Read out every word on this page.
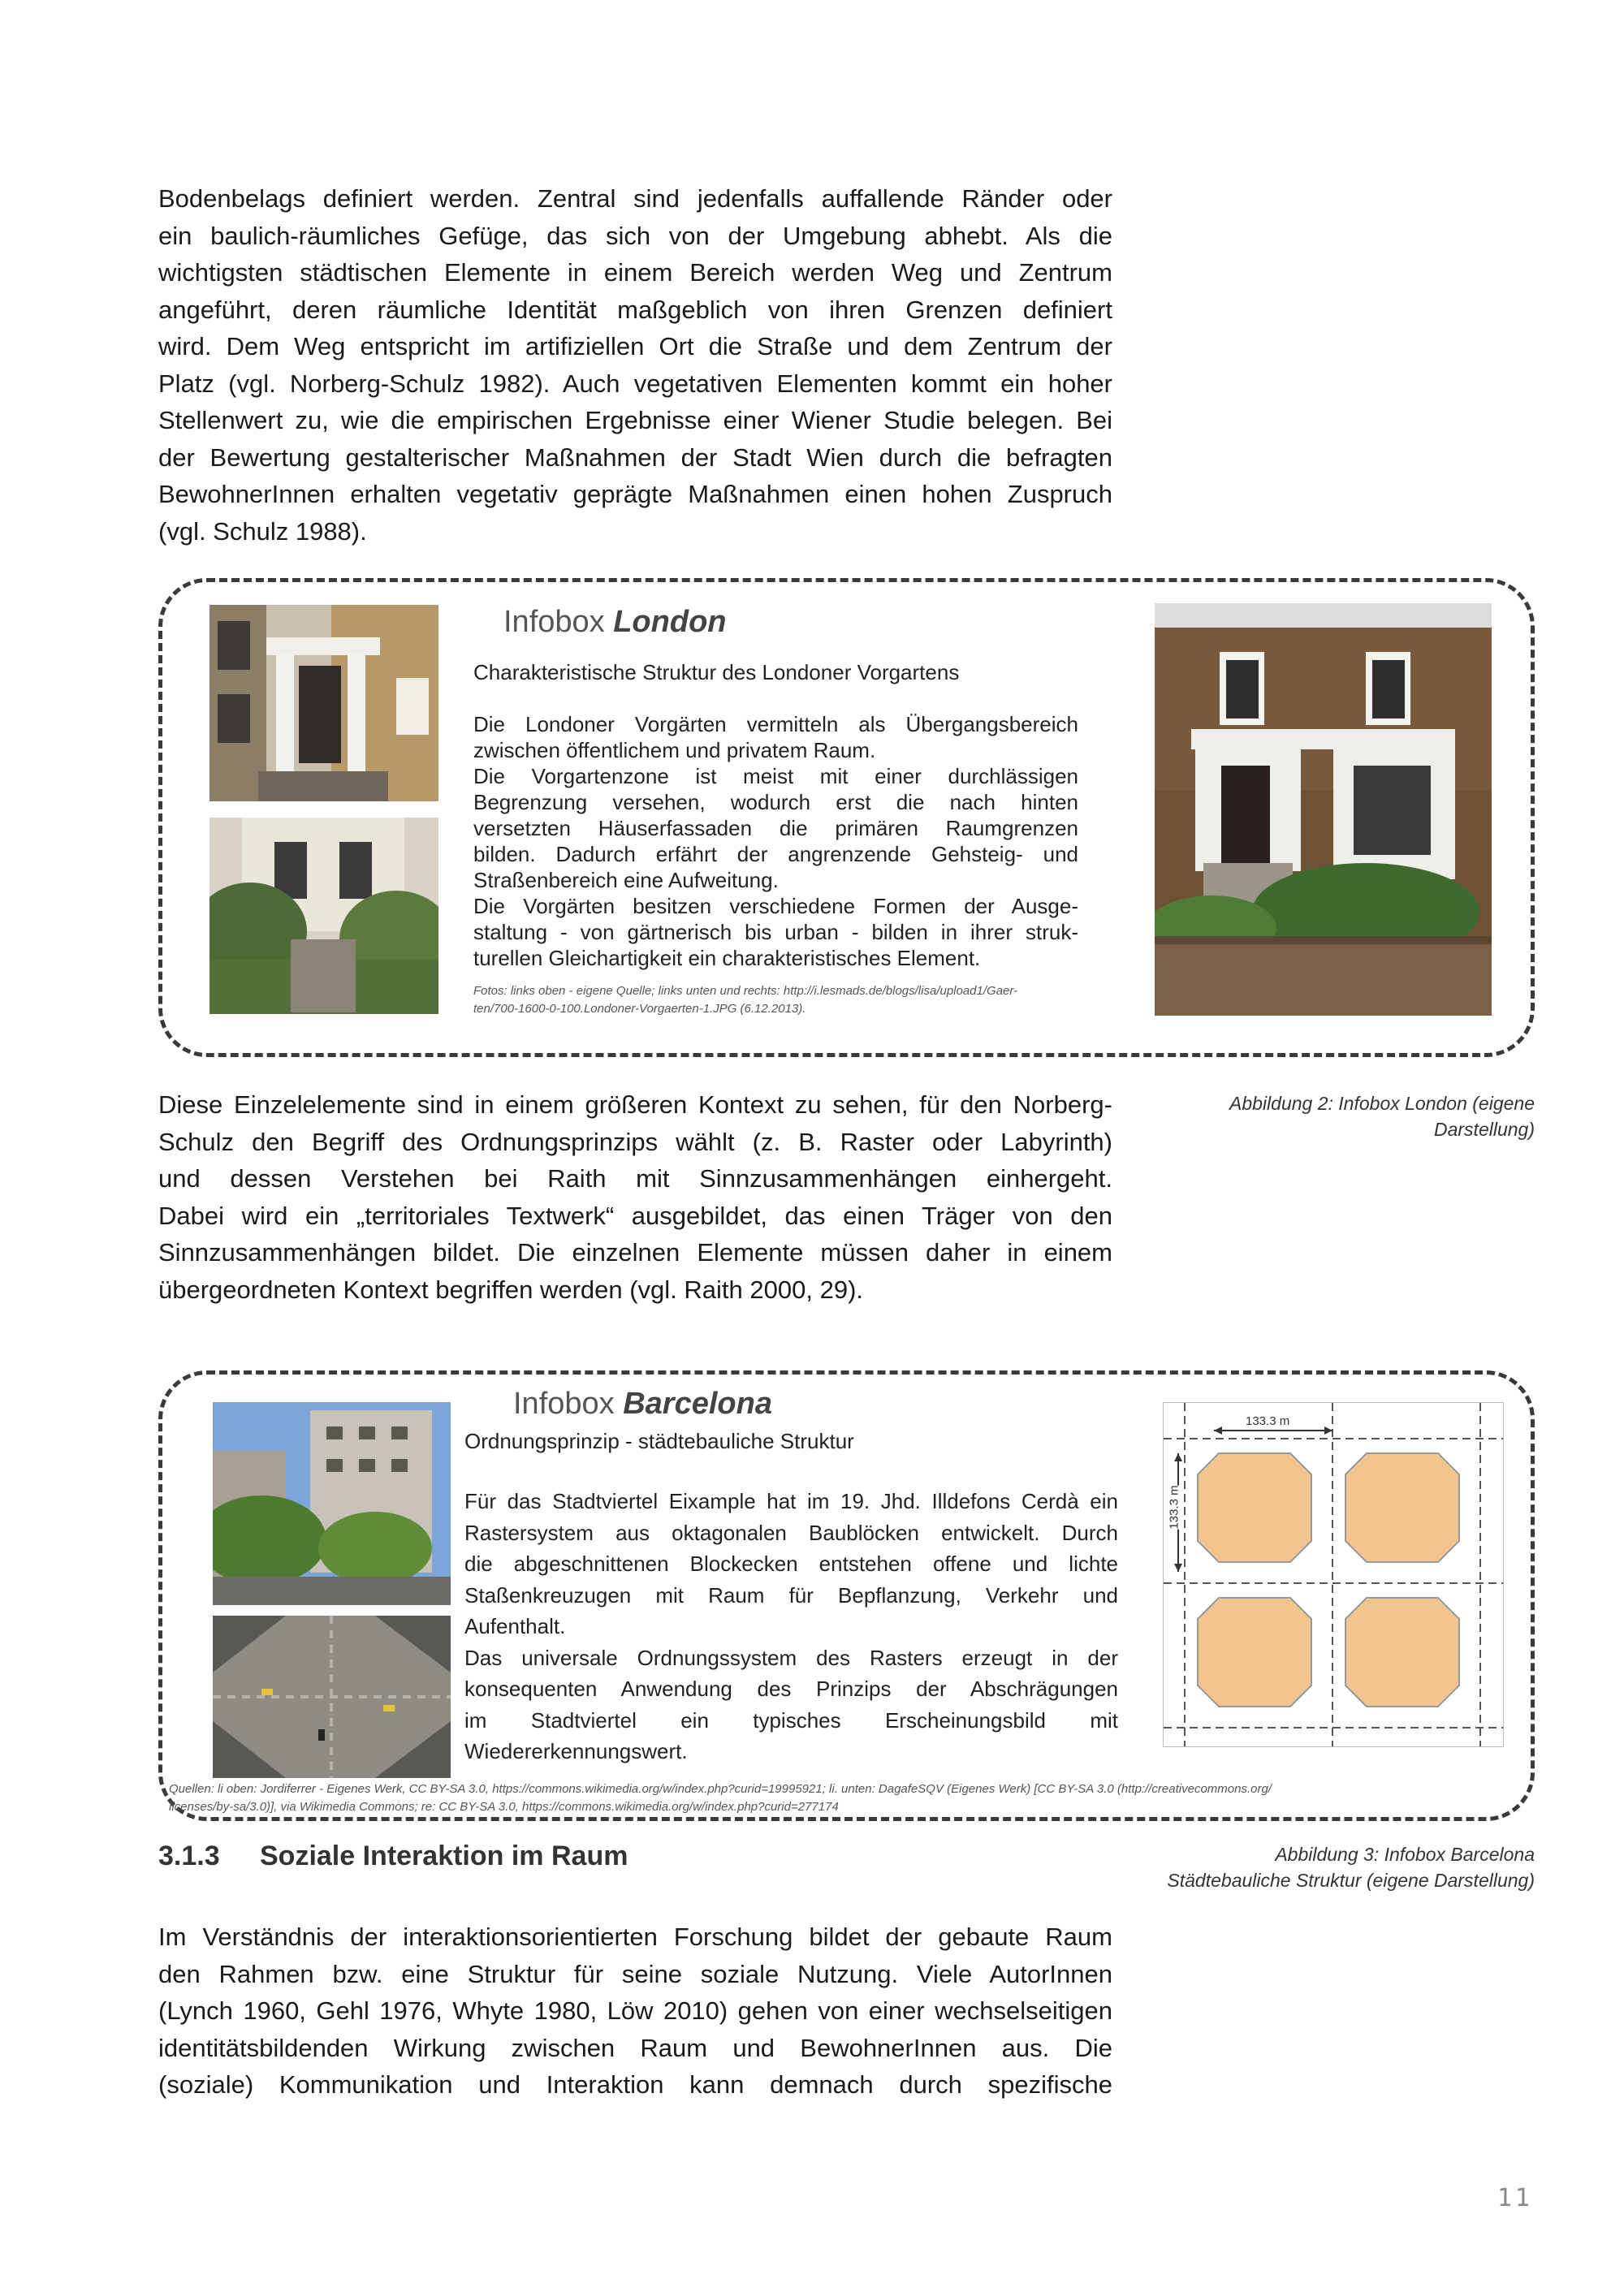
Bodenbelags definiert werden. Zentral sind jedenfalls auffallende Ränder oder
ein baulich-räumliches Gefüge, das sich von der Umgebung abhebt. Als die
wichtigsten städtischen Elemente in einem Bereich werden Weg und Zentrum
angeführt, deren räumliche Identität maßgeblich von ihren Grenzen definiert
wird. Dem Weg entspricht im artifiziellen Ort die Straße und dem Zentrum der
Platz (vgl. Norberg-Schulz 1982). Auch vegetativen Elementen kommt ein hoher
Stellenwert zu, wie die empirischen Ergebnisse einer Wiener Studie belegen. Bei
der Bewertung gestalterischer Maßnahmen der Stadt Wien durch die befragten
BewohnerInnen erhalten vegetativ geprägte Maßnahmen einen hohen Zuspruch
(vgl. Schulz 1988).
Infobox London
Charakteristische Struktur des Londoner Vorgartens
Die Londoner Vorgärten vermitteln als Übergangsbereich
zwischen öffentlichem und privatem Raum.
Die Vorgartenzone ist meist mit einer durchlässigen
Begrenzung versehen, wodurch erst die nach hinten
versetzten Häuserfassaden die primären Raumgrenzen
bilden. Dadurch erfährt der angrenzende Gehsteig- und
Straßenbereich eine Aufweitung.
Die Vorgärten besitzen verschiedene Formen der Ausge-
staltung - von gärtnerisch bis urban - bilden in ihrer struk-
turellen Gleichartigkeit ein charakteristisches Element.
Fotos: links oben - eigene Quelle; links unten und rechts: http://i.lesmads.de/blogs/lisa/upload1/Gaer-
ten/700-1600-0-100.Londoner-Vorgaerten-1.JPG (6.12.2013).
Abbildung 2: Infobox London (eigene
Darstellung)
Diese Einzelelemente sind in einem größeren Kontext zu sehen, für den Norberg-
Schulz den Begriff des Ordnungsprinzips wählt (z. B. Raster oder Labyrinth)
und dessen Verstehen bei Raith mit Sinnzusammenhängen einhergeht.
Dabei wird ein „territoriales Textwerk“ ausgebildet, das einen Träger von den
Sinnzusammenhängen bildet. Die einzelnen Elemente müssen daher in einem
übergeordneten Kontext begriffen werden (vgl. Raith 2000, 29).
Infobox Barcelona
Ordnungsprinzip - städtebauliche Struktur
Für das Stadtviertel Eixample hat im 19. Jhd. Illdefons Cerdà ein
Rastersystem aus oktagonalen Baublöcken entwickelt. Durch
die abgeschnittenen Blockecken entstehen offene und lichte
Staßenkreuzugen mit Raum für Bepflanzung, Verkehr und
Aufenthalt.
Das universale Ordnungssystem des Rasters erzeugt in der
konsequenten Anwendung des Prinzips der Abschrägungen
im Stadtviertel ein typisches Erscheinungsbild mit
Wiedererkennungswert.
Quellen: li oben: Jordiferrer - Eigenes Werk, CC BY-SA 3.0, https://commons.wikimedia.org/w/index.php?curid=19995921; li. unten: DagafeSQV (Eigenes Werk) [CC BY-SA 3.0 (http://creativecommons.org/
licenses/by-sa/3.0)], via Wikimedia Commons; re: CC BY-SA 3.0, https://commons.wikimedia.org/w/index.php?curid=277174
133.3 m
133.3 m
Abbildung 3: Infobox Barcelona
Städtebauliche Struktur (eigene Darstellung)
3.1.3 Soziale Interaktion im Raum
Im Verständnis der interaktionsorientierten Forschung bildet der gebaute Raum
den Rahmen bzw. eine Struktur für seine soziale Nutzung. Viele AutorInnen
(Lynch 1960, Gehl 1976, Whyte 1980, Löw 2010) gehen von einer wechselseitigen
identitätsbildenden Wirkung zwischen Raum und BewohnerInnen aus. Die
(soziale) Kommunikation und Interaktion kann demnach durch spezifische
11
